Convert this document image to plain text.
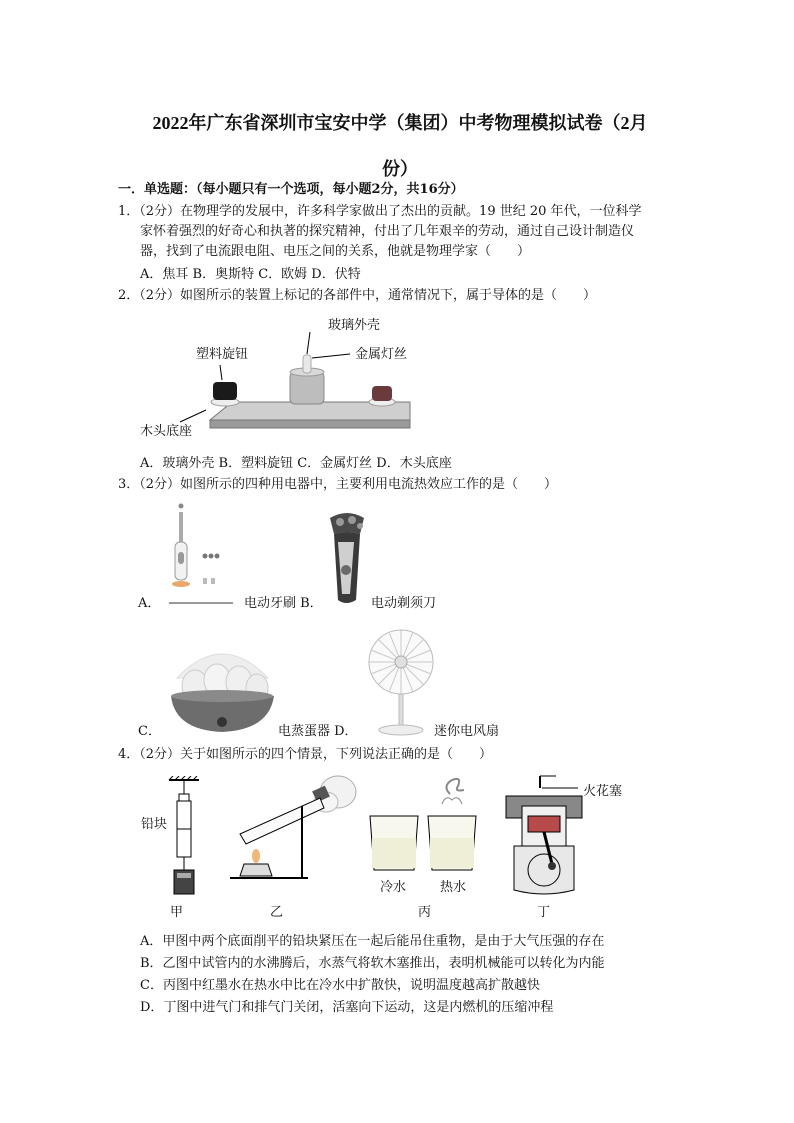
2022年广东省深圳市宝安中学（集团）中考物理模拟试卷（2月
份）
一．单选题：（每小题只有一个选项，每小题2分，共16分）
1．（2分）在物理学的发展中，许多科学家做出了杰出的贡献。19 世纪 20 年代，一位科学
家怀着强烈的好奇心和执著的探究精神，付出了几年艰辛的劳动，通过自己设计制造仪
器，找到了电流跟电阻、电压之间的关系，他就是物理学家（　　）
A．焦耳 B．奥斯特 C．欧姆 D．伏特
2．（2分）如图所示的装置上标记的各部件中，通常情况下，属于导体的是（　　）
玻璃外壳
塑料旋钮	金属灯丝
木头底座
A．玻璃外壳 B．塑料旋钮 C．金属灯丝 D．木头底座
3．（2分）如图所示的四种用电器中，主要利用电流热效应工作的是（　　）
A．	电动牙刷 B．	电动剃须刀
C．	电蒸蛋器 D．	迷你电风扇
4．（2分）关于如图所示的四个情景，下列说法正确的是（　　）
铅块
冷水	热水
火花塞
甲	乙	丙	丁
A．甲图中两个底面削平的铅块紧压在一起后能吊住重物，是由于大气压强的存在
B．乙图中试管内的水沸腾后，水蒸气将软木塞推出，表明机械能可以转化为内能
C．丙图中红墨水在热水中比在冷水中扩散快，说明温度越高扩散越快
D．丁图中进气门和排气门关闭，活塞向下运动，这是内燃机的压缩冲程
